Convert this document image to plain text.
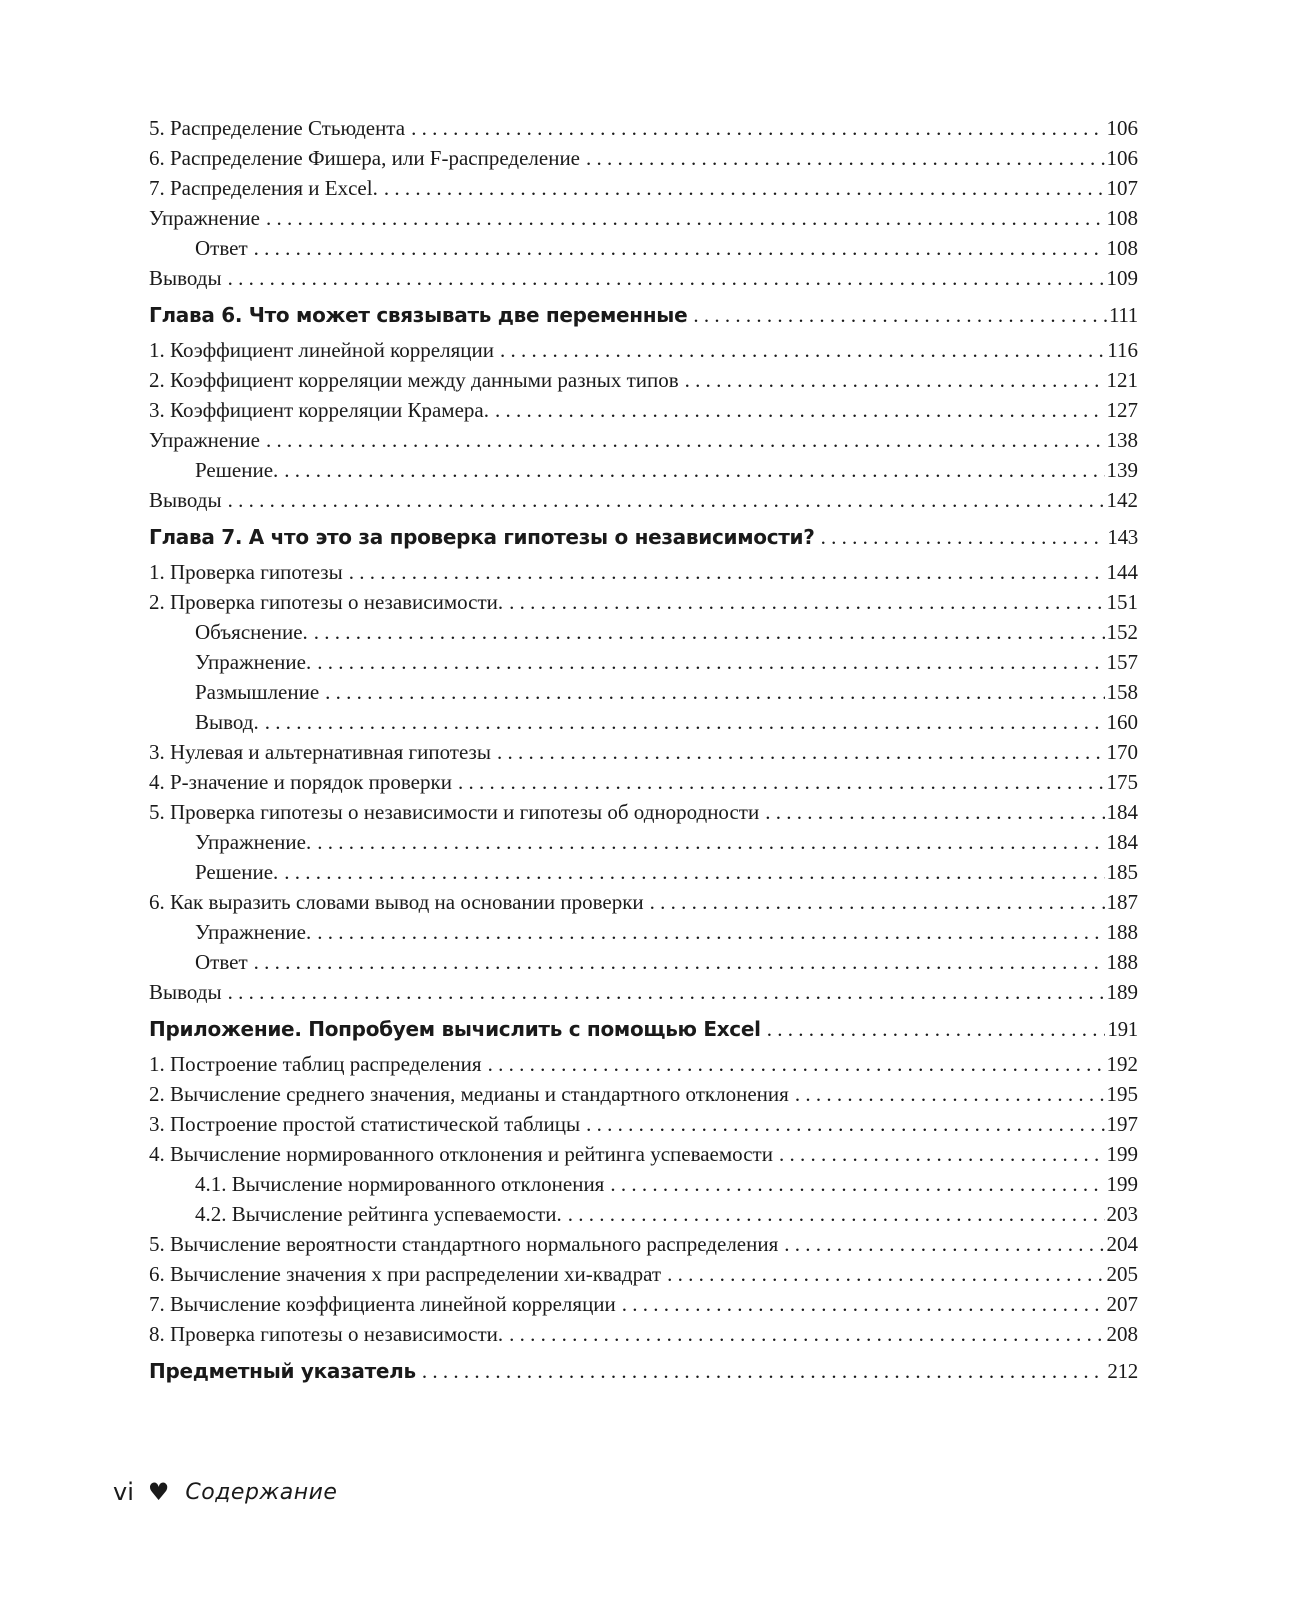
5. Распределение Стьюдента . . .	106
6. Распределение Фишера, или F-распределение . . .	106
7. Распределения и Excel. . . .	107
Упражнение . . .	108
Ответ . . .	108
Выводы . . .	109
Глава 6. Что может связывать две переменные . . .	111
1. Коэффициент линейной корреляции . . .	116
2. Коэффициент корреляции между данными разных типов . . .	121
3. Коэффициент корреляции Крамера. . . .	127
Упражнение . . .	138
Решение. . . .	139
Выводы . . .	142
Глава 7. А что это за проверка гипотезы о независимости? . . .	143
1. Проверка гипотезы . . .	144
2. Проверка гипотезы о независимости. . . .	151
Объяснение. . . .	152
Упражнение. . . .	157
Размышление . . .	158
Вывод. . . .	160
3. Нулевая и альтернативная гипотезы . . .	170
4. Р-значение и порядок проверки . . .	175
5. Проверка гипотезы о независимости и гипотезы об однородности . . .	184
Упражнение. . . .	184
Решение. . . .	185
6. Как выразить словами вывод на основании проверки . . .	187
Упражнение. . . .	188
Ответ . . .	188
Выводы . . .	189
Приложение. Попробуем вычислить с помощью Excel . . .	191
1. Построение таблиц распределения . . .	192
2. Вычисление среднего значения, медианы и стандартного отклонения . . .	195
3. Построение простой статистической таблицы . . .	197
4. Вычисление нормированного отклонения и рейтинга успеваемости . . .	199
4.1. Вычисление нормированного отклонения . . .	199
4.2. Вычисление рейтинга успеваемости. . . .	203
5. Вычисление вероятности стандартного нормального распределения . . .	204
6. Вычисление значения х при распределении хи-квадрат . . .	205
7. Вычисление коэффициента линейной корреляции . . .	207
8. Проверка гипотезы о независимости. . . .	208
Предметный указатель . . .	212
vi ♥ Содержание
